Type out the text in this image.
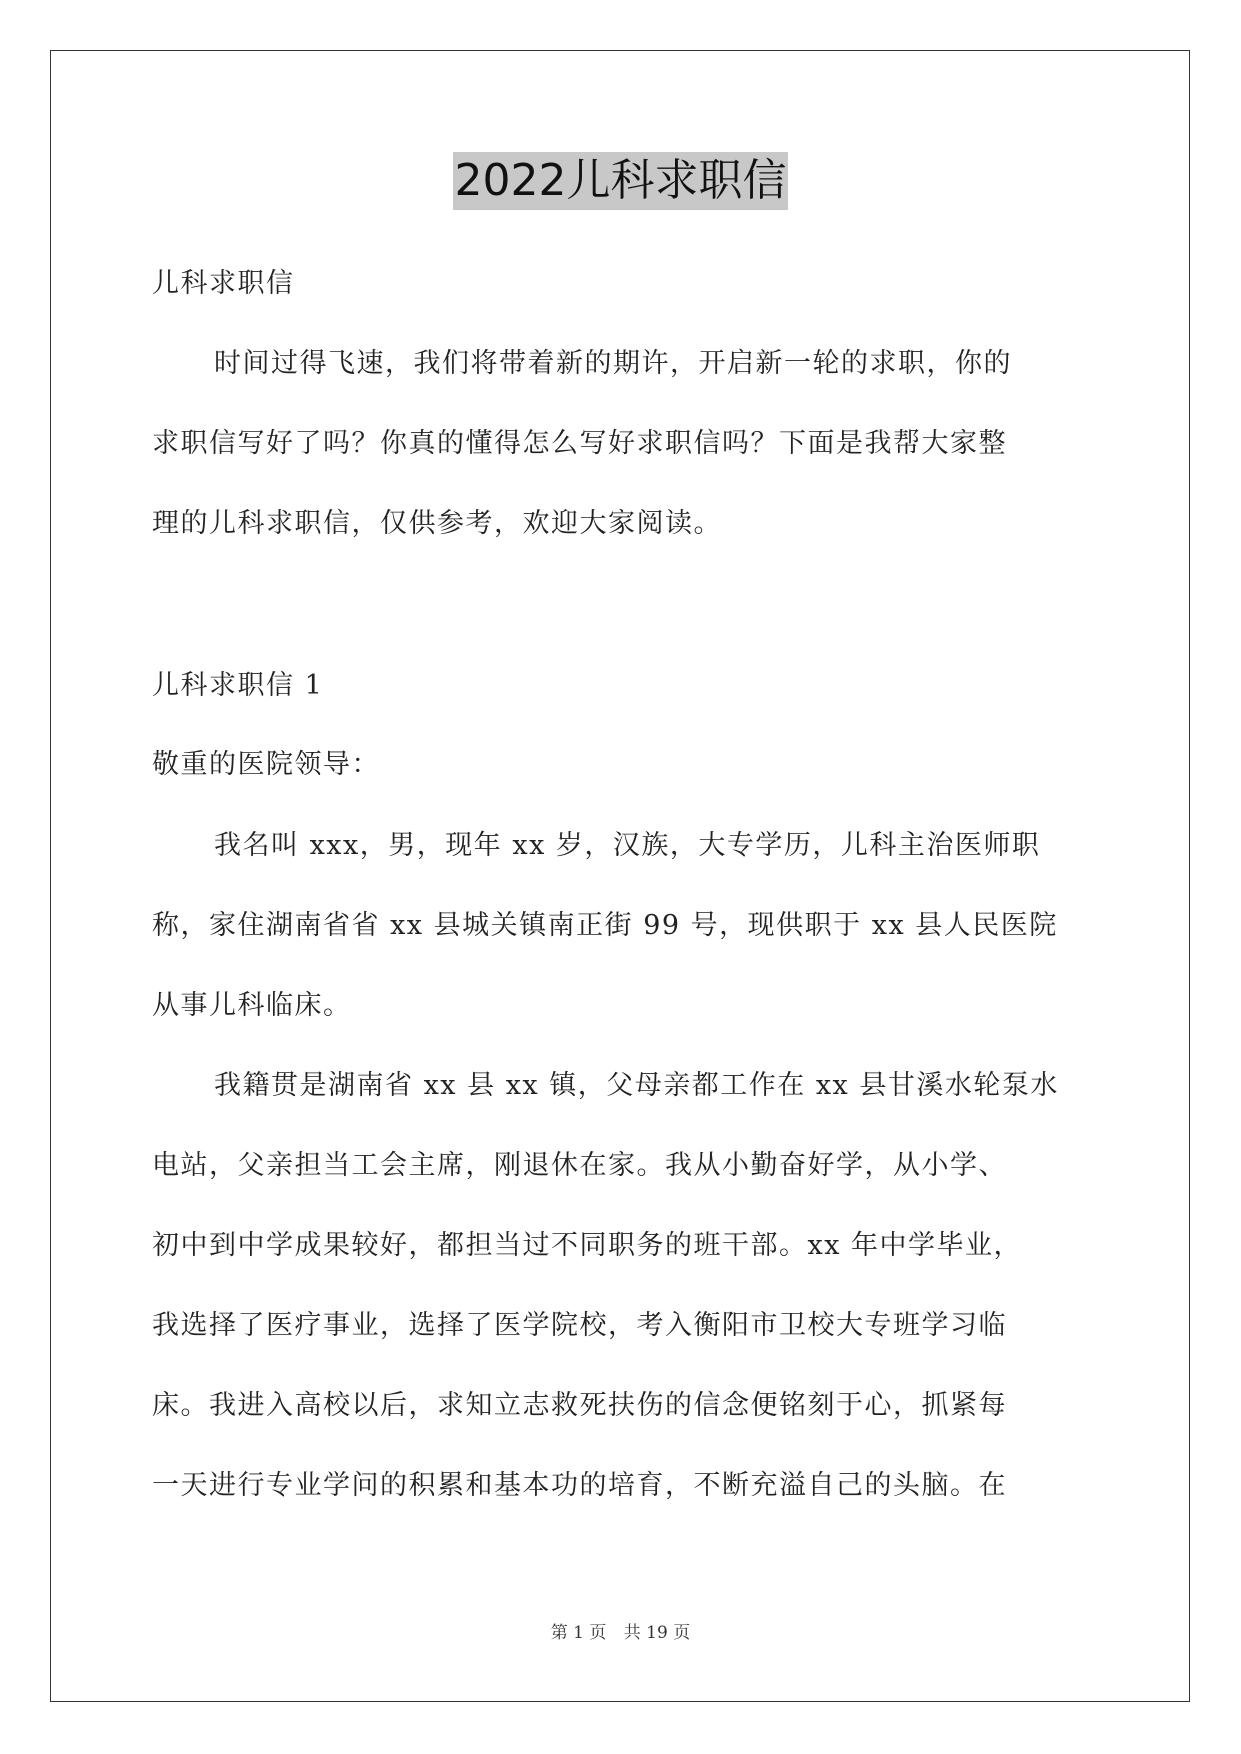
2022儿科求职信
儿科求职信
时间过得飞速，我们将带着新的期许，开启新一轮的求职，你的
求职信写好了吗？你真的懂得怎么写好求职信吗？下面是我帮大家整
理的儿科求职信，仅供参考，欢迎大家阅读。
儿科求职信 1
敬重的医院领导：
我名叫 xxx，男，现年 xx 岁，汉族，大专学历，儿科主治医师职
称，家住湖南省省 xx 县城关镇南正街 99 号，现供职于 xx 县人民医院
从事儿科临床。
我籍贯是湖南省 xx 县 xx 镇，父母亲都工作在 xx 县甘溪水轮泵水
电站，父亲担当工会主席，刚退休在家。我从小勤奋好学，从小学、
初中到中学成果较好，都担当过不同职务的班干部。xx 年中学毕业，
我选择了医疗事业，选择了医学院校，考入衡阳市卫校大专班学习临
床。我进入高校以后，求知立志救死扶伤的信念便铭刻于心，抓紧每
一天进行专业学问的积累和基本功的培育，不断充溢自己的头脑。在
第 1 页 共 19 页
